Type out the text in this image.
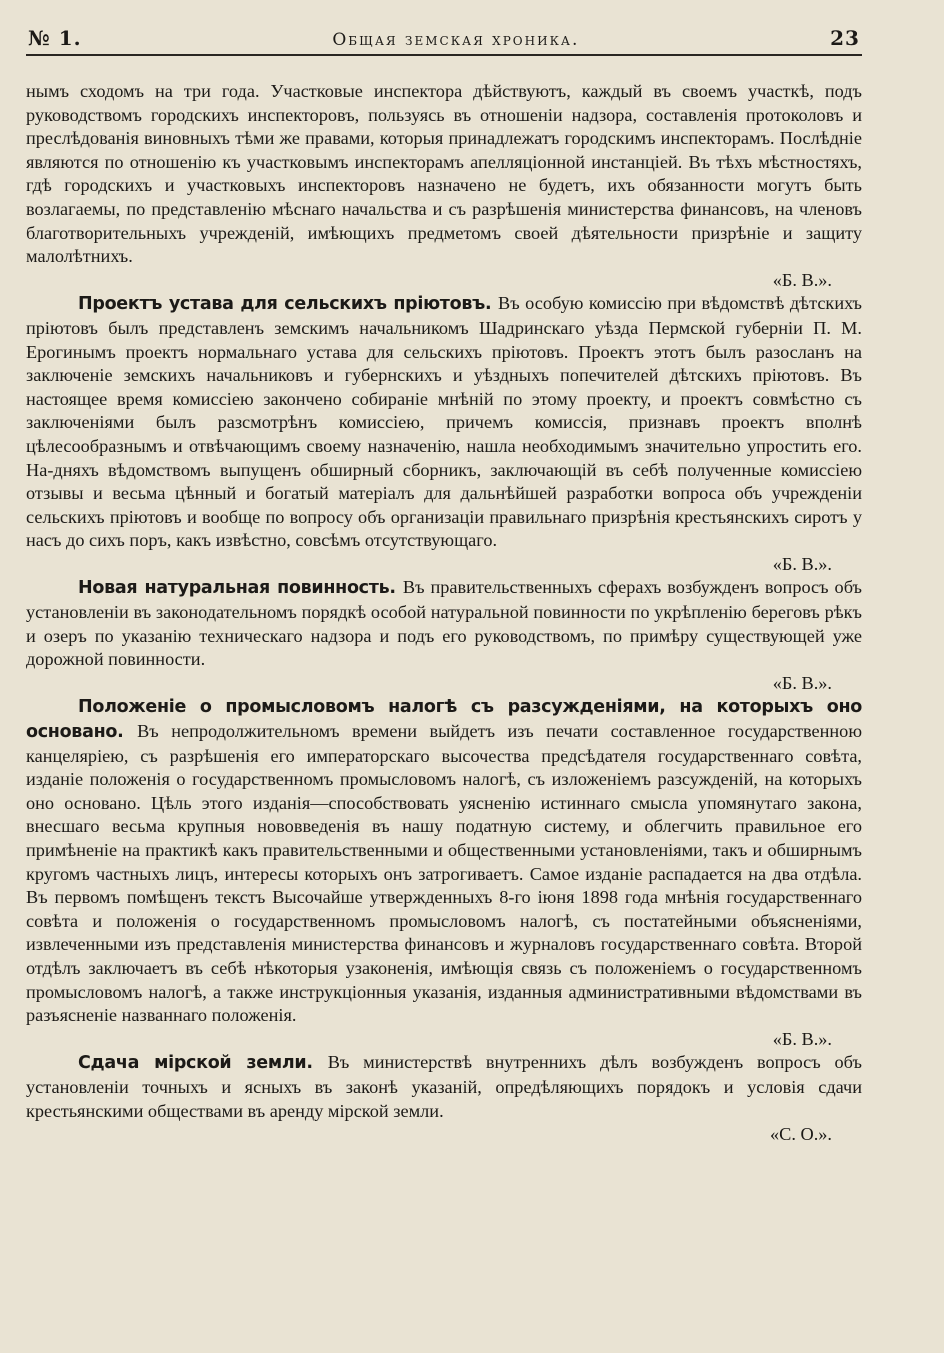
№ 1.	Общая земская хроника.	23

нымъ сходомъ на три года. Участковые инспектора дѣйствуютъ, каждый въ своемъ участкѣ, подъ руководствомъ городскихъ инспекторовъ, пользуясь въ отношеніи надзора, составленія протоколовъ и преслѣдованія виновныхъ тѣми же правами, которыя принадлежатъ городскимъ инспекторамъ. Послѣдніе являются по отношенію къ участковымъ инспекторамъ апелляціонной инстанціей. Въ тѣхъ мѣстностяхъ, гдѣ городскихъ и участковыхъ инспекторовъ назначено не будетъ, ихъ обязанности могутъ быть возлагаемы, по представленію мѣснаго начальства и съ разрѣшенія министерства финансовъ, на членовъ благотворительныхъ учрежденій, имѣющихъ предметомъ своей дѣятельности призрѣніе и защиту малолѣтнихъ.

«Б. В.».

Проектъ устава для сельскихъ пріютовъ. Въ особую комиссію при вѣдомствѣ дѣтскихъ пріютовъ былъ представленъ земскимъ начальникомъ Шадринскаго уѣзда Пермской губерніи П. М. Ерогинымъ проектъ нормальнаго устава для сельскихъ пріютовъ. Проектъ этотъ былъ разосланъ на заключеніе земскихъ начальниковъ и губернскихъ и уѣздныхъ попечителей дѣтскихъ пріютовъ. Въ настоящее время комиссіею закончено собираніе мнѣній по этому проекту, и проектъ совмѣстно съ заключеніями былъ разсмотрѣнъ комиссіею, причемъ комиссія, признавъ проектъ вполнѣ цѣлесообразнымъ и отвѣчающимъ своему назначенію, нашла необходимымъ значительно упростить его. На-дняхъ вѣдомствомъ выпущенъ обширный сборникъ, заключающій въ себѣ полученные комиссіею отзывы и весьма цѣнный и богатый матеріалъ для дальнѣйшей разработки вопроса объ учрежденіи сельскихъ пріютовъ и вообще по вопросу объ организаціи правильнаго призрѣнія крестьянскихъ сиротъ у насъ до сихъ поръ, какъ извѣстно, совсѣмъ отсутствующаго.

«Б. В.».

Новая натуральная повинность. Въ правительственныхъ сферахъ возбужденъ вопросъ объ установленіи въ законодательномъ порядкѣ особой натуральной повинности по укрѣпленію береговъ рѣкъ и озеръ по указанію техническаго надзора и подъ его руководствомъ, по примѣру существующей уже дорожной повинности.

«Б. В.».

Положеніе о промысловомъ налогѣ съ разсужденіями, на которыхъ оно основано. Въ непродолжительномъ времени выйдетъ изъ печати составленное государственною канцеляріею, съ разрѣшенія его императорскаго высочества предсѣдателя государственнаго совѣта, изданіе положенія о государственномъ промысловомъ налогѣ, съ изложеніемъ разсужденій, на которыхъ оно основано. Цѣль этого изданія—способствовать уясненію истиннаго смысла упомянутаго закона, внесшаго весьма крупныя нововведенія въ нашу податную систему, и облегчить правильное его примѣненіе на практикѣ какъ правительственными и общественными установленіями, такъ и обширнымъ кругомъ частныхъ лицъ, интересы которыхъ онъ затрогиваетъ. Самое изданіе распадается на два отдѣла. Въ первомъ помѣщенъ текстъ Высочайше утвержденныхъ 8-го іюня 1898 года мнѣнія государственнаго совѣта и положенія о государственномъ промысловомъ налогѣ, съ постатейными объясненіями, извлеченными изъ представленія министерства финансовъ и журналовъ государственнаго совѣта. Второй отдѣлъ заключаетъ въ себѣ нѣкоторыя узаконенія, имѣющія связь съ положеніемъ о государственномъ промысловомъ налогѣ, а также инструкціонныя указанія, изданныя административными вѣдомствами въ разъясненіе названнаго положенія.

«Б. В.».

Сдача мірской земли. Въ министерствѣ внутреннихъ дѣлъ возбужденъ вопросъ объ установленіи точныхъ и ясныхъ въ законѣ указаній, опредѣляющихъ порядокъ и условія сдачи крестьянскими обществами въ аренду мірской земли.

«С. О.».
